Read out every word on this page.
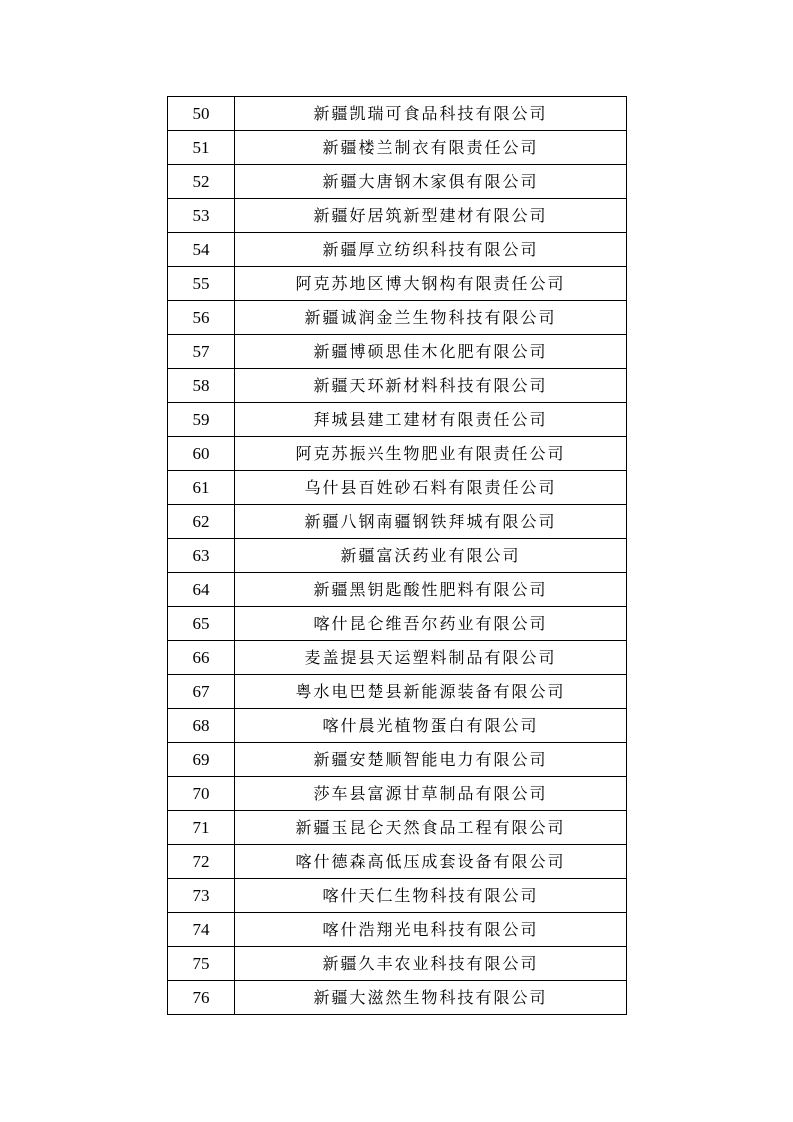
50	新疆凯瑞可食品科技有限公司
51	新疆楼兰制衣有限责任公司
52	新疆大唐钢木家俱有限公司
53	新疆好居筑新型建材有限公司
54	新疆厚立纺织科技有限公司
55	阿克苏地区博大钢构有限责任公司
56	新疆诚润金兰生物科技有限公司
57	新疆博硕思佳木化肥有限公司
58	新疆天环新材料科技有限公司
59	拜城县建工建材有限责任公司
60	阿克苏振兴生物肥业有限责任公司
61	乌什县百姓砂石料有限责任公司
62	新疆八钢南疆钢铁拜城有限公司
63	新疆富沃药业有限公司
64	新疆黑钥匙酸性肥料有限公司
65	喀什昆仑维吾尔药业有限公司
66	麦盖提县天运塑料制品有限公司
67	粤水电巴楚县新能源装备有限公司
68	喀什晨光植物蛋白有限公司
69	新疆安楚顺智能电力有限公司
70	莎车县富源甘草制品有限公司
71	新疆玉昆仑天然食品工程有限公司
72	喀什德森高低压成套设备有限公司
73	喀什天仁生物科技有限公司
74	喀什浩翔光电科技有限公司
75	新疆久丰农业科技有限公司
76	新疆大滋然生物科技有限公司
